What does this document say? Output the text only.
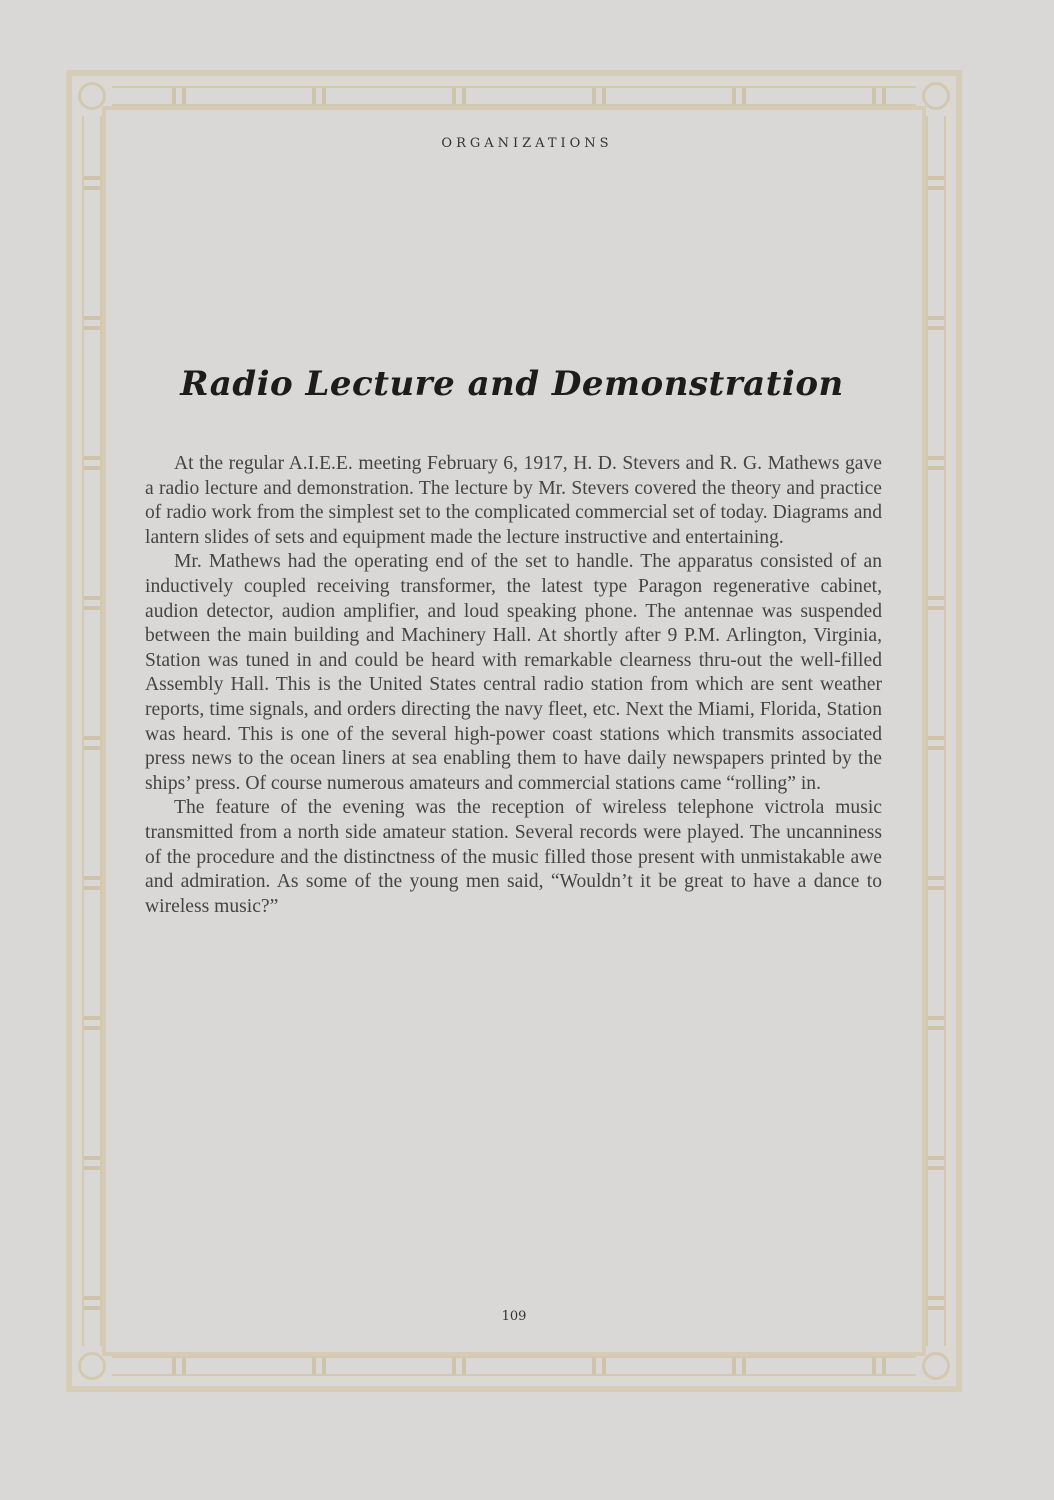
ORGANIZATIONS
Radio Lecture and Demonstration

At the regular A.I.E.E. meeting February 6, 1917, H. D. Stevers and R. G. Mathews gave a radio lecture and demonstration. The lecture by Mr. Stevers covered the theory and practice of radio work from the simplest set to the complicated commercial set of today. Diagrams and lantern slides of sets and equipment made the lecture instructive and entertaining.

Mr. Mathews had the operating end of the set to handle. The apparatus consisted of an inductively coupled receiving transformer, the latest type Paragon regenerative cabinet, audion detector, audion amplifier, and loud speaking phone. The antennae was suspended between the main building and Machinery Hall. At shortly after 9 P.M. Arlington, Virginia, Station was tuned in and could be heard with remarkable clearness thru-out the well-filled Assembly Hall. This is the United States central radio station from which are sent weather reports, time signals, and orders directing the navy fleet, etc. Next the Miami, Florida, Station was heard. This is one of the several high-power coast stations which transmits associated press news to the ocean liners at sea enabling them to have daily newspapers printed by the ships’ press. Of course numerous amateurs and commercial stations came “rolling” in.

The feature of the evening was the reception of wireless telephone victrola music transmitted from a north side amateur station. Several records were played. The uncanniness of the procedure and the distinctness of the music filled those present with unmistakable awe and admiration. As some of the young men said, “Wouldn’t it be great to have a dance to wireless music?”

109
